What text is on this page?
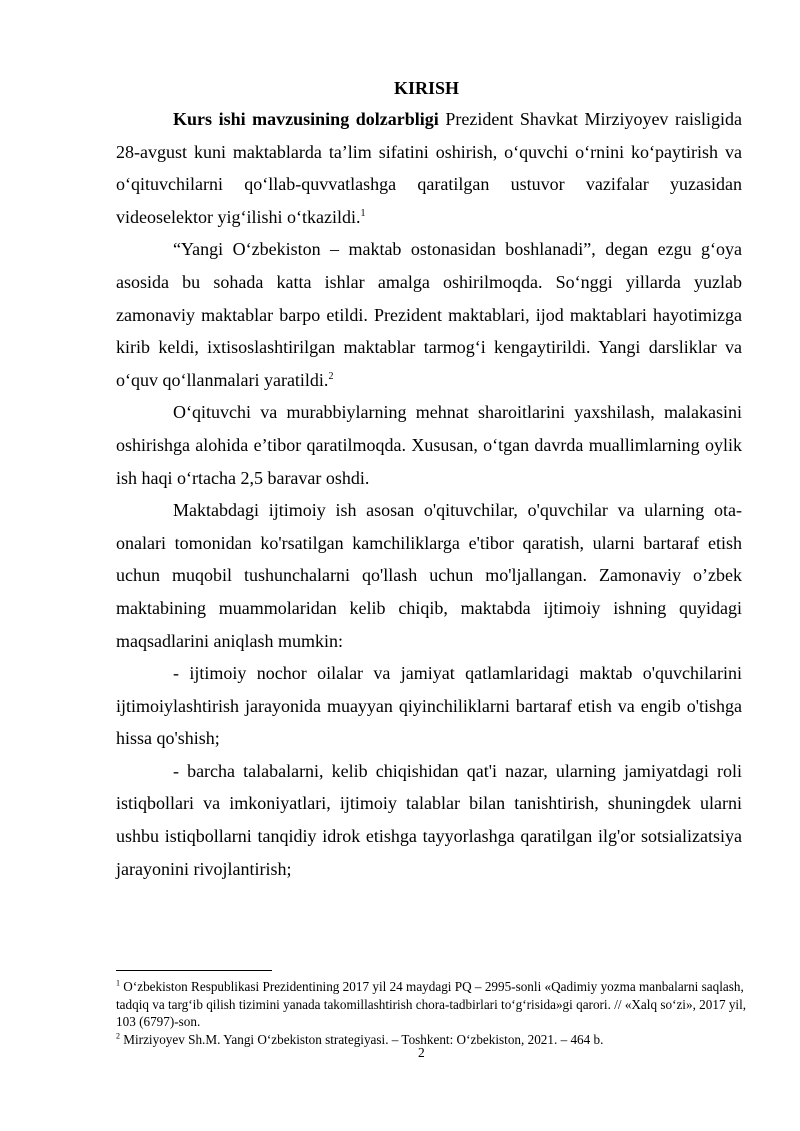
KIRISH

Kurs ishi mavzusining dolzarbligi Prezident Shavkat Mirziyoyev raisligida 28-avgust kuni maktablarda ta’lim sifatini oshirish, o‘quvchi o‘rnini ko‘paytirish va o‘qituvchilarni qo‘llab-quvvatlashga qaratilgan ustuvor vazifalar yuzasidan videoselektor yig‘ilishi o‘tkazildi.$^1$

“Yangi O‘zbekiston – maktab ostonasidan boshlanadi”, degan ezgu g‘oya asosida bu sohada katta ishlar amalga oshirilmoqda. So‘nggi yillarda yuzlab zamonaviy maktablar barpo etildi. Prezident maktablari, ijod maktablari hayotimizga kirib keldi, ixtisoslashtirilgan maktablar tarmog‘i kengaytirildi. Yangi darsliklar va o‘quv qo‘llanmalari yaratildi.$^2$

O‘qituvchi va murabbiylarning mehnat sharoitlarini yaxshilash, malakasini oshirishga alohida e’tibor qaratilmoqda. Xususan, o‘tgan davrda muallimlarning oylik ish haqi o‘rtacha 2,5 baravar oshdi.

Maktabdagi ijtimoiy ish asosan o'qituvchilar, o'quvchilar va ularning ota-onalari tomonidan ko'rsatilgan kamchiliklarga e'tibor qaratish, ularni bartaraf etish uchun muqobil tushunchalarni qo'llash uchun mo'ljallangan. Zamonaviy o’zbek maktabining muammolaridan kelib chiqib, maktabda ijtimoiy ishning quyidagi maqsadlarini aniqlash mumkin:

- ijtimoiy nochor oilalar va jamiyat qatlamlaridagi maktab o'quvchilarini ijtimoiylashtirish jarayonida muayyan qiyinchiliklarni bartaraf etish va engib o'tishga hissa qo'shish;

- barcha talabalarni, kelib chiqishidan qat'i nazar, ularning jamiyatdagi roli istiqbollari va imkoniyatlari, ijtimoiy talablar bilan tanishtirish, shuningdek ularni ushbu istiqbollarni tanqidiy idrok etishga tayyorlashga qaratilgan ilg'or sotsializatsiya jarayonini rivojlantirish;

$^1$ O‘zbekiston Respublikasi Prezidentining 2017 yil 24 maydagi PQ – 2995-sonli «Qadimiy yozma manbalarni saqlash, tadqiq va targ‘ib qilish tizimini yanada takomillashtirish chora-tadbirlari to‘g‘risida»gi qarori. // «Xalq so‘zi», 2017 yil, 103 (6797)-son.

$^2$ Mirziyoyev Sh.M. Yangi O‘zbekiston strategiyasi. – Toshkent: O‘zbekiston, 2021. – 464 b.

2
